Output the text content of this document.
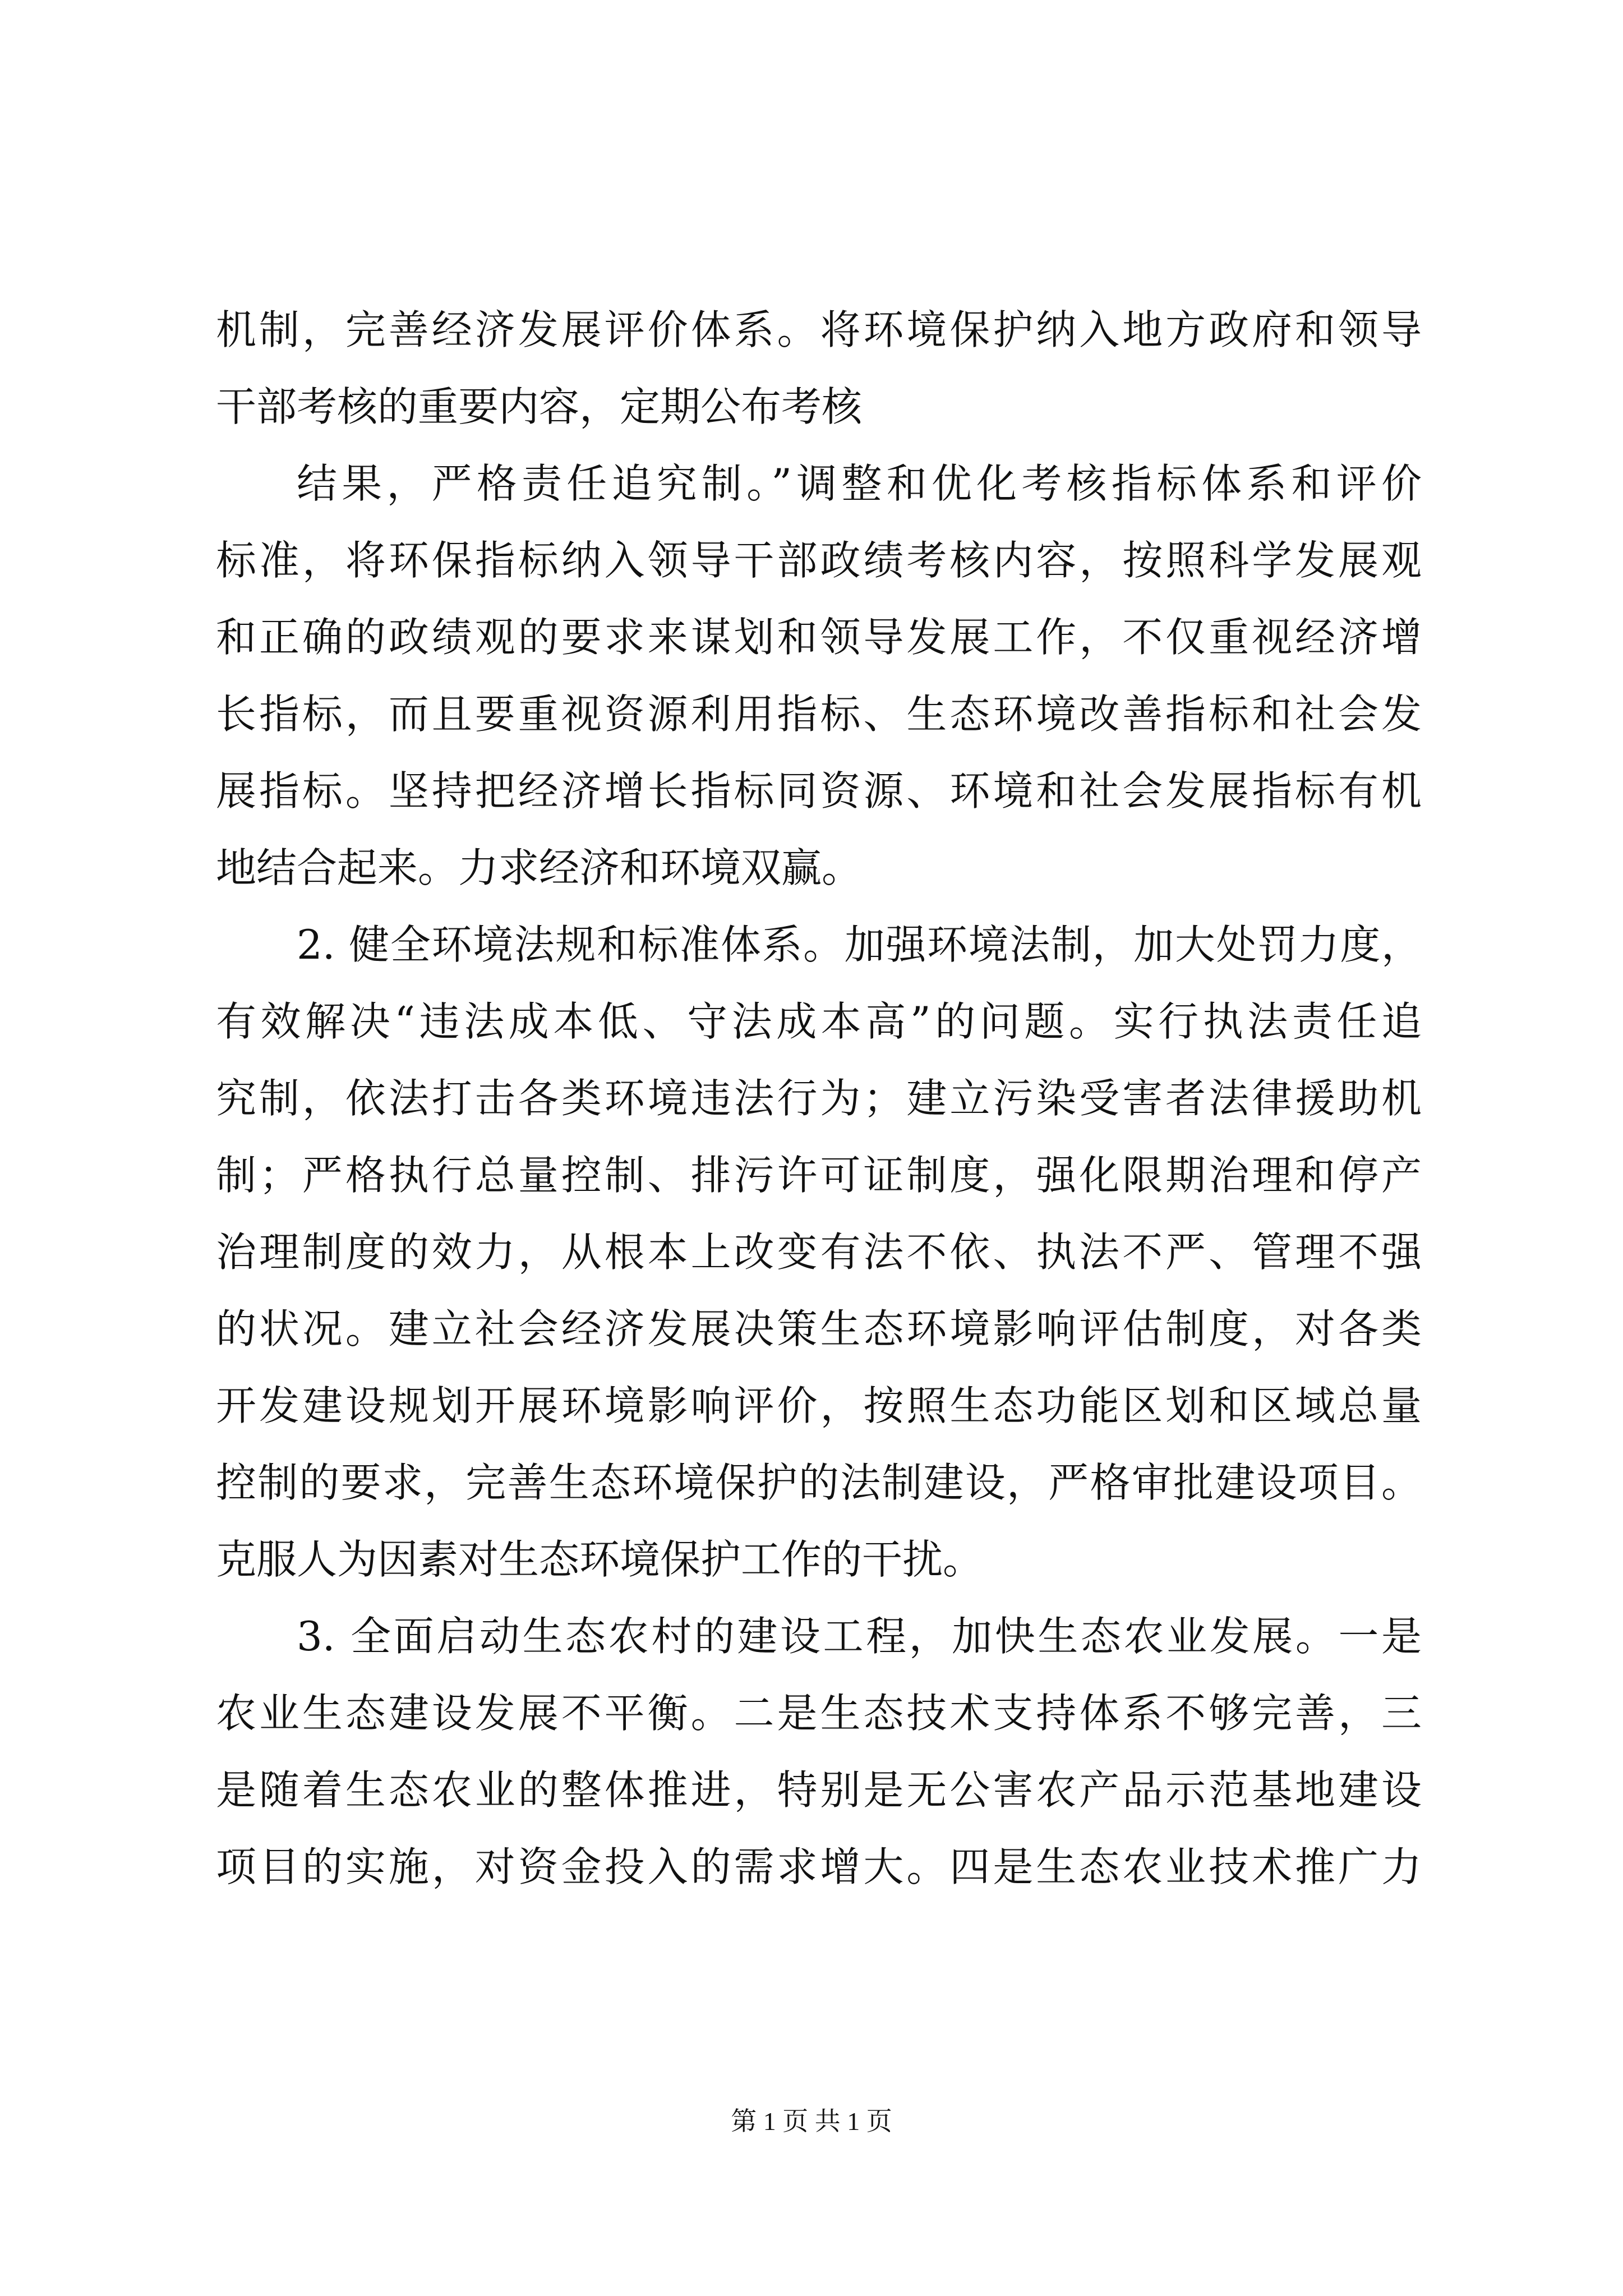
机制，完善经济发展评价体系。将环境保护纳入地方政府和领导
干部考核的重要内容，定期公布考核
结果，严格责任追究制。”调整和优化考核指标体系和评价
标准，将环保指标纳入领导干部政绩考核内容，按照科学发展观
和正确的政绩观的要求来谋划和领导发展工作，不仅重视经济增
长指标，而且要重视资源利用指标、生态环境改善指标和社会发
展指标。坚持把经济增长指标同资源、环境和社会发展指标有机
地结合起来。力求经济和环境双赢。
2. 健全环境法规和标准体系。加强环境法制，加大处罚力度，
有效解决“违法成本低、守法成本高”的问题。实行执法责任追
究制，依法打击各类环境违法行为；建立污染受害者法律援助机
制；严格执行总量控制、排污许可证制度，强化限期治理和停产
治理制度的效力，从根本上改变有法不依、执法不严、管理不强
的状况。建立社会经济发展决策生态环境影响评估制度，对各类
开发建设规划开展环境影响评价，按照生态功能区划和区域总量
控制的要求，完善生态环境保护的法制建设，严格审批建设项目。
克服人为因素对生态环境保护工作的干扰。
3. 全面启动生态农村的建设工程，加快生态农业发展。一是
农业生态建设发展不平衡。二是生态技术支持体系不够完善，三
是随着生态农业的整体推进，特别是无公害农产品示范基地建设
项目的实施，对资金投入的需求增大。四是生态农业技术推广力
第 1 页 共 1 页
